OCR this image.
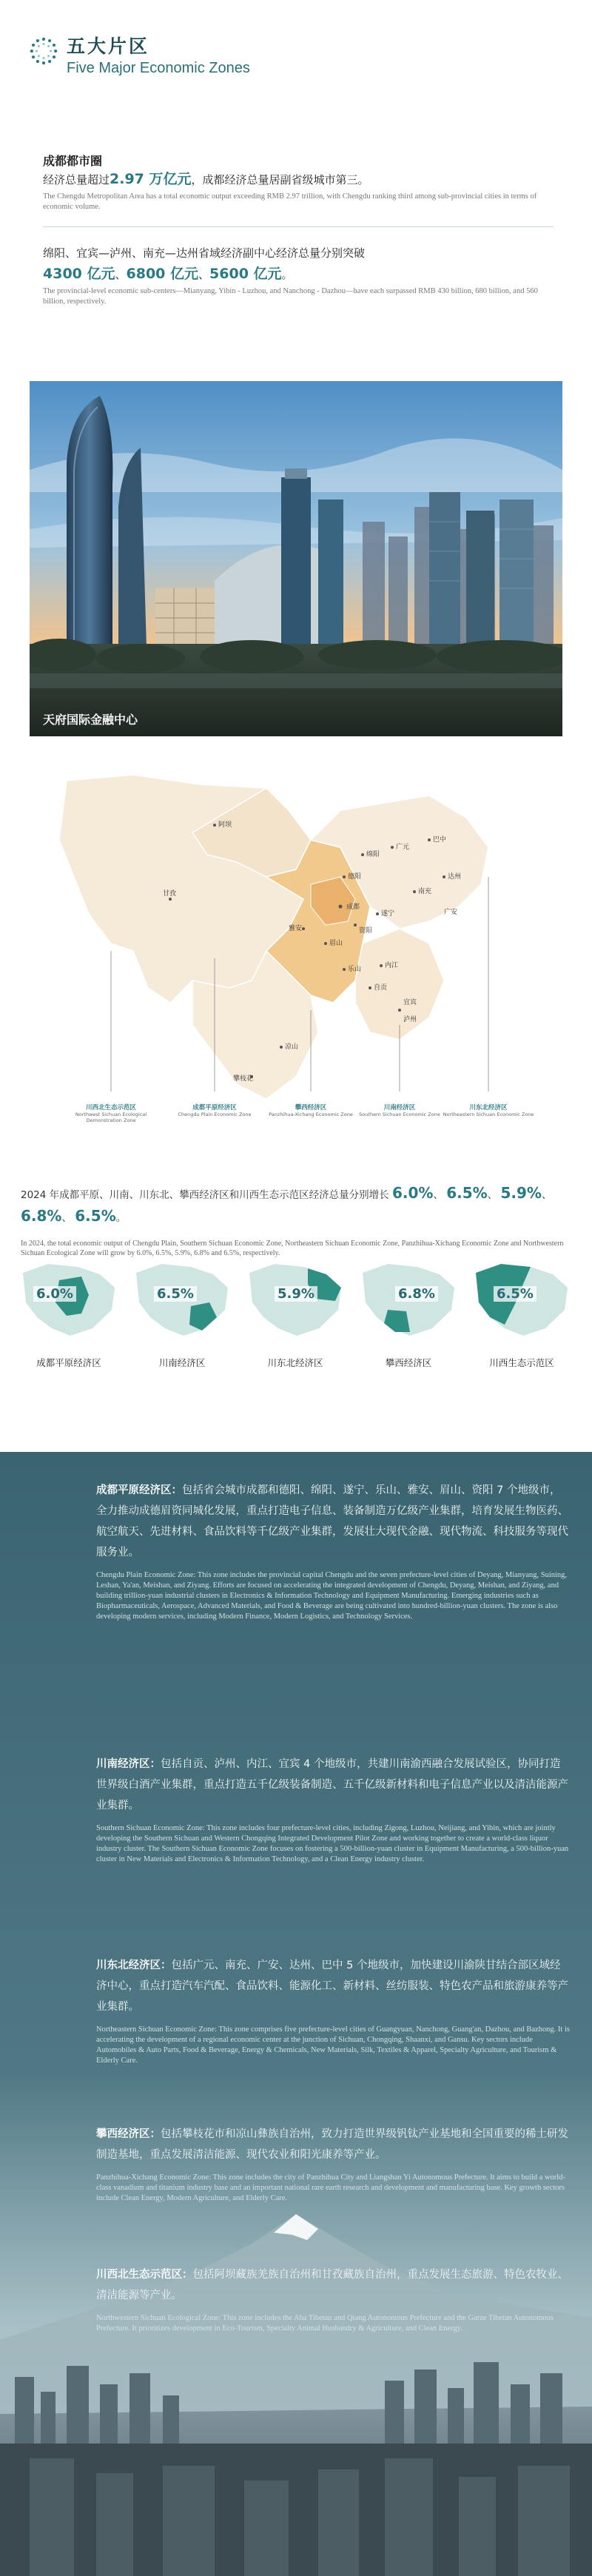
五大片区
Five Major Economic Zones
成都都市圈
经济总量超过2.97 万亿元，成都经济总量居副省级城市第三。
The Chengdu Metropolitan Area has a total economic output exceeding RMB 2.97 trillion, with Chengdu ranking third among sub-provincial cities in terms of economic volume.
绵阳、宜宾—泸州、南充—达州省域经济副中心经济总量分别突破
4300 亿元、6800 亿元、5600 亿元。
The provincial-level economic sub-centers—Mianyang, Yibin - Luzhou, and Nanchong - Dazhou—have each surpassed RMB 430 billion, 680 billion, and 560 billion, respectively.
天府国际金融中心
成都
德阳
绵阳
广元
巴中
达州
南充
广安
遂宁
资阳
眉山
内江
自贡
乐山
宜宾
泸州
雅安
阿坝
甘孜
凉山
攀枝花
川西北生态示范区
Northwest Sichuan Ecological Demonstration Zone
成都平原经济区
Chengdu Plain Economic Zone
攀西经济区
Panzhihua-Xichang Economic Zone
川南经济区
Southern Sichuan Economic Zone
川东北经济区
Northeastern Sichuan Economic Zone
2024 年成都平原、川南、川东北、攀西经济区和川西生态示范区经济总量分别增长 6.0%、 6.5%、 5.9%、 6.8%、 6.5%。
In 2024, the total economic output of Chengdu Plain, Southern Sichuan Economic Zone, Northeastern Sichuan Economic Zone, Panzhihua-Xichang Economic Zone and Northwestern Sichuan Ecological Zone will grow by 6.0%, 6.5%, 5.9%, 6.8% and 6.5%, respectively.
6.0%
成都平原经济区
6.5%
川南经济区
5.9%
川东北经济区
6.8%
攀西经济区
6.5%
川西生态示范区
成都平原经济区：包括省会城市成都和德阳、绵阳、遂宁、乐山、雅安、眉山、资阳 7 个地级市，全力推动成德眉资同城化发展，重点打造电子信息、装备制造万亿级产业集群，培育发展生物医药、航空航天、先进材料、食品饮料等千亿级产业集群，发展壮大现代金融、现代物流、科技服务等现代服务业。
Chengdu Plain Economic Zone: This zone includes the provincial capital Chengdu and the seven prefecture-level cities of Deyang, Mianyang, Suining, Leshan, Ya'an, Meishan, and Ziyang. Efforts are focused on accelerating the integrated development of Chengdu, Deyang, Meishan, and Ziyang, and building trillion-yuan industrial clusters in Electronics & Information Technology and Equipment Manufacturing. Emerging industries such as Biopharmaceuticals, Aerospace, Advanced Materials, and Food & Beverage are being cultivated into hundred-billion-yuan clusters. The zone is also developing modern services, including Modern Finance, Modern Logistics, and Technology Services.
川南经济区：包括自贡、泸州、内江、宜宾 4 个地级市，共建川南渝西融合发展试验区，协同打造世界级白酒产业集群，重点打造五千亿级装备制造、五千亿级新材料和电子信息产业以及清洁能源产业集群。
Southern Sichuan Economic Zone: This zone includes four prefecture-level cities, including Zigong, Luzhou, Neijiang, and Yibin, which are jointly developing the Southern Sichuan and Western Chongqing Integrated Development Pilot Zone and working together to create a world-class liquor industry cluster. The Southern Sichuan Economic Zone focuses on fostering a 500-billion-yuan cluster in Equipment Manufacturing, a 500-billion-yuan cluster in New Materials and Electronics & Information Technology, and a Clean Energy industry cluster.
川东北经济区：包括广元、南充、广安、达州、巴中 5 个地级市，加快建设川渝陕甘结合部区域经济中心，重点打造汽车汽配、食品饮料、能源化工、新材料、丝纺服装、特色农产品和旅游康养等产业集群。
Northeastern Sichuan Economic Zone: This zone comprises five prefecture-level cities of Guangyuan, Nanchong, Guang'an, Dazhou, and Bazhong. It is accelerating the development of a regional economic center at the junction of Sichuan, Chongqing, Shaanxi, and Gansu. Key sectors include Automobiles & Auto Parts, Food & Beverage, Energy & Chemicals, New Materials, Silk, Textiles & Apparel, Specialty Agriculture, and Tourism & Elderly Care.
攀西经济区：包括攀枝花市和凉山彝族自治州，致力打造世界级钒钛产业基地和全国重要的稀土研发制造基地，重点发展清洁能源、现代农业和阳光康养等产业。
Panzhihua-Xichang Economic Zone: This zone includes the city of Panzhihua City and Liangshan Yi Autonomous Prefecture. It aims to build a world-class vanadium and titanium industry base and an important national rare earth research and development and manufacturing base. Key growth sectors include Clean Energy, Modern Agriculture, and Elderly Care.
川西北生态示范区：包括阿坝藏族羌族自治州和甘孜藏族自治州，重点发展生态旅游、特色农牧业、清洁能源等产业。
Northwestern Sichuan Ecological Zone: This zone includes the Aba Tibetan and Qiang Autonomous Prefecture and the Garze Tibetan Autonomous Prefecture. It prioritizes development in Eco-Tourism, Specialty Animal Husbandry & Agriculture, and Clean Energy.
